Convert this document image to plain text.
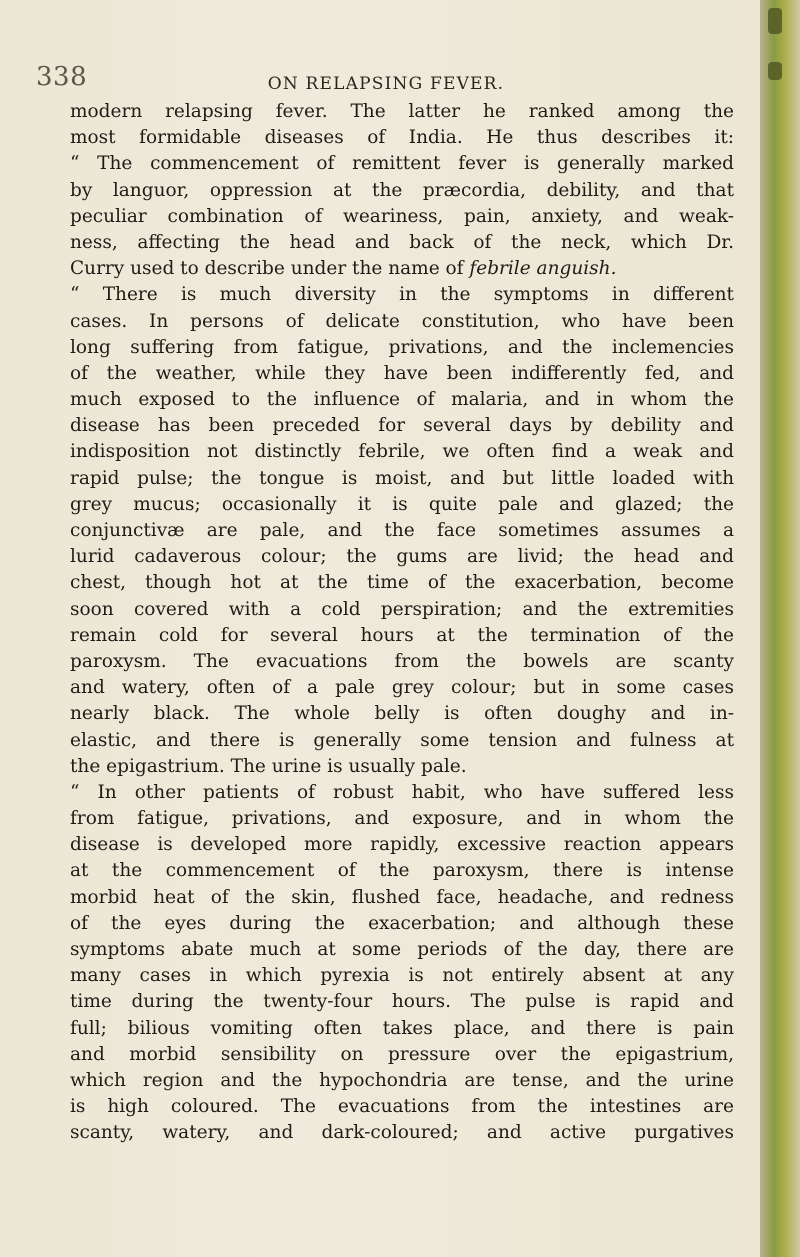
338	ON RELAPSING FEVER.
modern relapsing fever. The latter he ranked among the
most formidable diseases of India. He thus describes it:
“ The commencement of remittent fever is generally marked
by languor, oppression at the præcordia, debility, and that
peculiar combination of weariness, pain, anxiety, and weak-
ness, affecting the head and back of the neck, which Dr.
Curry used to describe under the name of febrile anguish.
“ There is much diversity in the symptoms in different
cases. In persons of delicate constitution, who have been
long suffering from fatigue, privations, and the inclemencies
of the weather, while they have been indifferently fed, and
much exposed to the influence of malaria, and in whom the
disease has been preceded for several days by debility and
indisposition not distinctly febrile, we often find a weak and
rapid pulse; the tongue is moist, and but little loaded with
grey mucus; occasionally it is quite pale and glazed; the
conjunctivæ are pale, and the face sometimes assumes a
lurid cadaverous colour; the gums are livid; the head and
chest, though hot at the time of the exacerbation, become
soon covered with a cold perspiration; and the extremities
remain cold for several hours at the termination of the
paroxysm. The evacuations from the bowels are scanty
and watery, often of a pale grey colour; but in some cases
nearly black. The whole belly is often doughy and in-
elastic, and there is generally some tension and fulness at
the epigastrium. The urine is usually pale.
“ In other patients of robust habit, who have suffered less
from fatigue, privations, and exposure, and in whom the
disease is developed more rapidly, excessive reaction appears
at the commencement of the paroxysm, there is intense
morbid heat of the skin, flushed face, headache, and redness
of the eyes during the exacerbation; and although these
symptoms abate much at some periods of the day, there are
many cases in which pyrexia is not entirely absent at any
time during the twenty-four hours. The pulse is rapid and
full; bilious vomiting often takes place, and there is pain
and morbid sensibility on pressure over the epigastrium,
which region and the hypochondria are tense, and the urine
is high coloured. The evacuations from the intestines are
scanty, watery, and dark-coloured; and active purgatives
